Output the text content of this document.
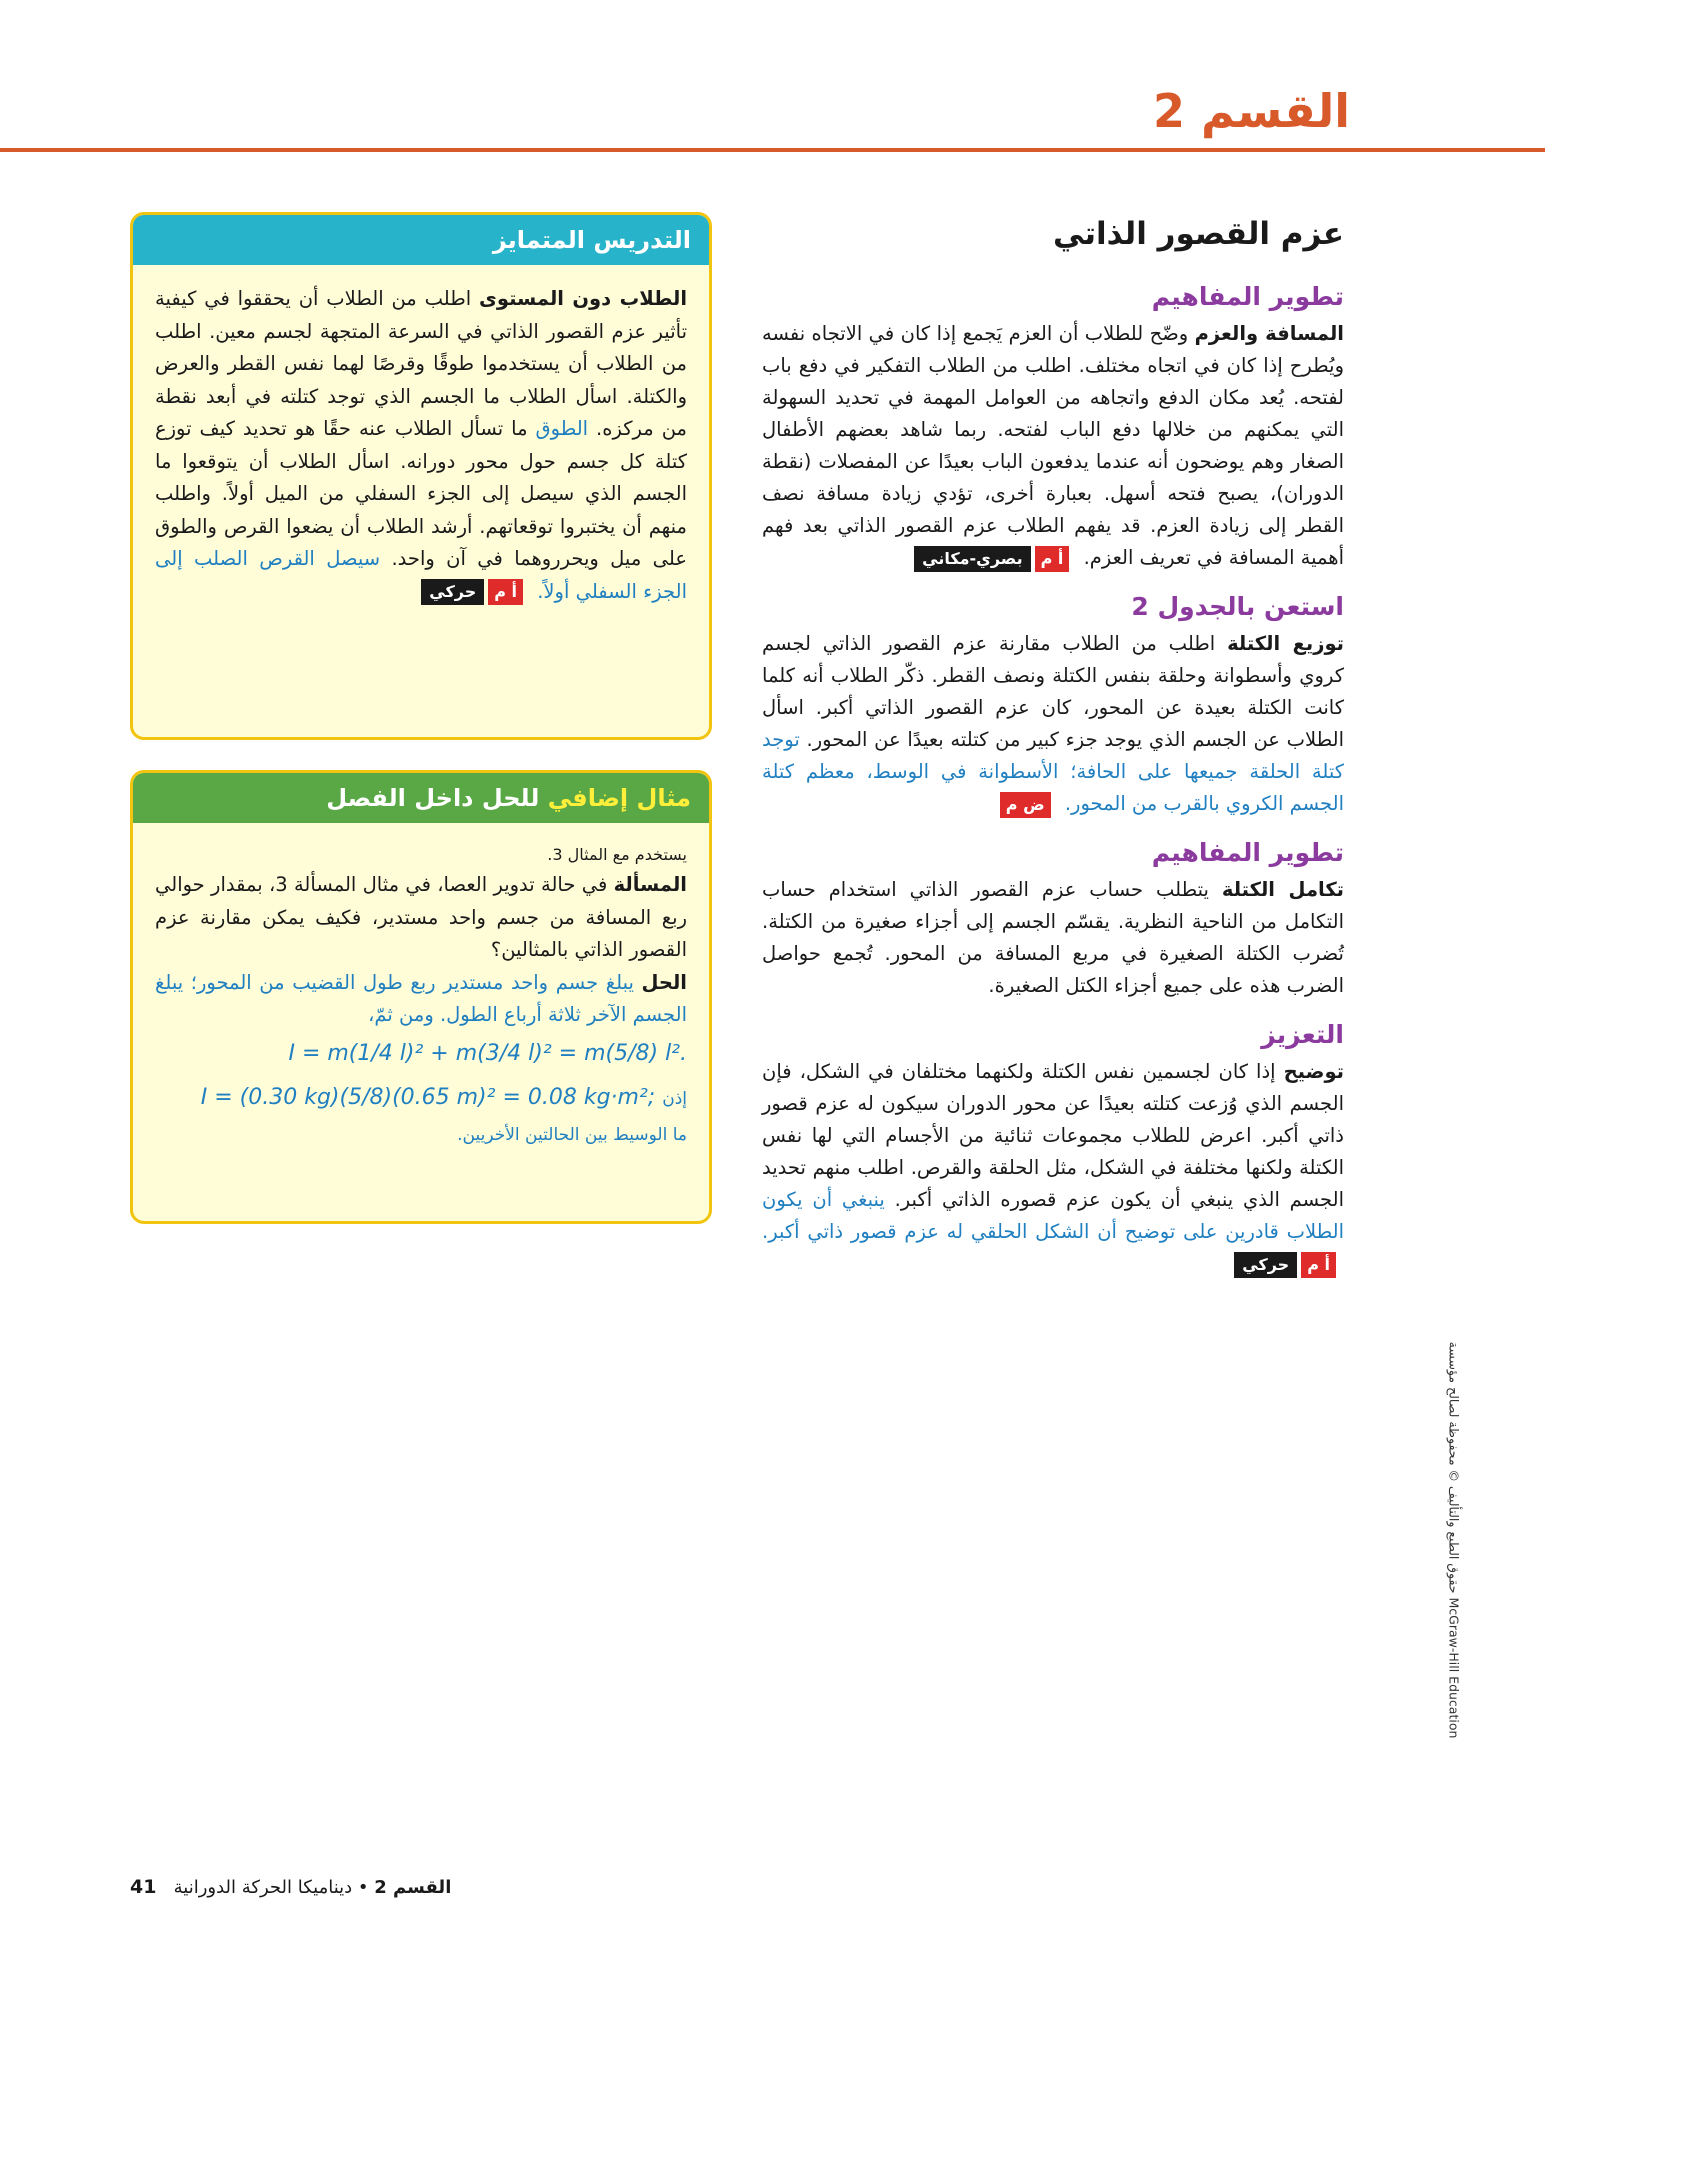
القسم 2
عزم القصور الذاتي
تطوير المفاهيم
المسافة والعزم وضّح للطلاب أن العزم يَجمع إذا كان في الاتجاه نفسه ويُطرح إذا كان في اتجاه مختلف. اطلب من الطلاب التفكير في دفع باب لفتحه. يُعد مكان الدفع واتجاهه من العوامل المهمة في تحديد السهولة التي يمكنهم من خلالها دفع الباب لفتحه. ربما شاهد بعضهم الأطفال الصغار وهم يوضحون أنه عندما يدفعون الباب بعيدًا عن المفصلات (نقطة الدوران)، يصبح فتحه أسهل. بعبارة أخرى، تؤدي زيادة مسافة نصف القطر إلى زيادة العزم. قد يفهم الطلاب عزم القصور الذاتي بعد فهم أهمية المسافة في تعريف العزم.
أ م
بصري-مكاني
استعن بالجدول 2
توزيع الكتلة اطلب من الطلاب مقارنة عزم القصور الذاتي لجسم كروي وأسطوانة وحلقة بنفس الكتلة ونصف القطر. ذكّر الطلاب أنه كلما كانت الكتلة بعيدة عن المحور، كان عزم القصور الذاتي أكبر. اسأل الطلاب عن الجسم الذي يوجد جزء كبير من كتلته بعيدًا عن المحور. توجد كتلة الحلقة جميعها على الحافة؛ الأسطوانة في الوسط، معظم كتلة الجسم الكروي بالقرب من المحور.
ض م
تطوير المفاهيم
تكامل الكتلة يتطلب حساب عزم القصور الذاتي استخدام حساب التكامل من الناحية النظرية. يقسّم الجسم إلى أجزاء صغيرة من الكتلة. تُضرب الكتلة الصغيرة في مربع المسافة من المحور. تُجمع حواصل الضرب هذه على جميع أجزاء الكتل الصغيرة.
التعزيز
توضيح إذا كان لجسمين نفس الكتلة ولكنهما مختلفان في الشكل، فإن الجسم الذي وُزعت كتلته بعيدًا عن محور الدوران سيكون له عزم قصور ذاتي أكبر. اعرض للطلاب مجموعات ثنائية من الأجسام التي لها نفس الكتلة ولكنها مختلفة في الشكل، مثل الحلقة والقرص. اطلب منهم تحديد الجسم الذي ينبغي أن يكون عزم قصوره الذاتي أكبر. ينبغي أن يكون الطلاب قادرين على توضيح أن الشكل الحلقي له عزم قصور ذاتي أكبر.
أ م
حركي
التدريس المتمايز
الطلاب دون المستوى اطلب من الطلاب أن يحققوا في كيفية تأثير عزم القصور الذاتي في السرعة المتجهة لجسم معين. اطلب من الطلاب أن يستخدموا طوقًا وقرصًا لهما نفس القطر والعرض والكتلة. اسأل الطلاب ما الجسم الذي توجد كتلته في أبعد نقطة من مركزه. الطوق ما تسأل الطلاب عنه حقًا هو تحديد كيف توزع كتلة كل جسم حول محور دورانه. اسأل الطلاب أن يتوقعوا ما الجسم الذي سيصل إلى الجزء السفلي من الميل أولاً. واطلب منهم أن يختبروا توقعاتهم. أرشد الطلاب أن يضعوا القرص والطوق على ميل ويحرروهما في آن واحد. سيصل القرص الصلب إلى الجزء السفلي أولاً.
أ م
حركي
مثال إضافي للحل داخل الفصل
يستخدم مع المثال 3.
المسألة في حالة تدوير العصا، في مثال المسألة 3، بمقدار حوالي ربع المسافة من جسم واحد مستدير، فكيف يمكن مقارنة عزم القصور الذاتي بالمثالين؟
الحل يبلغ جسم واحد مستدير ربع طول القضيب من المحور؛ يبلغ الجسم الآخر ثلاثة أرباع الطول. ومن ثمّ،
I = m(1/4 l)² + m(3/4 l)² = m(5/8) l².
I = (0.30 kg)(5/8)(0.65 m)² = 0.08 kg·m²; إذن
ما الوسيط بين الحالتين الأخريين.
حقوق الطبع والتأليف © محفوظة لصالح مؤسسة McGraw-Hill Education
القسم 2 • ديناميكا الحركة الدورانية   41
